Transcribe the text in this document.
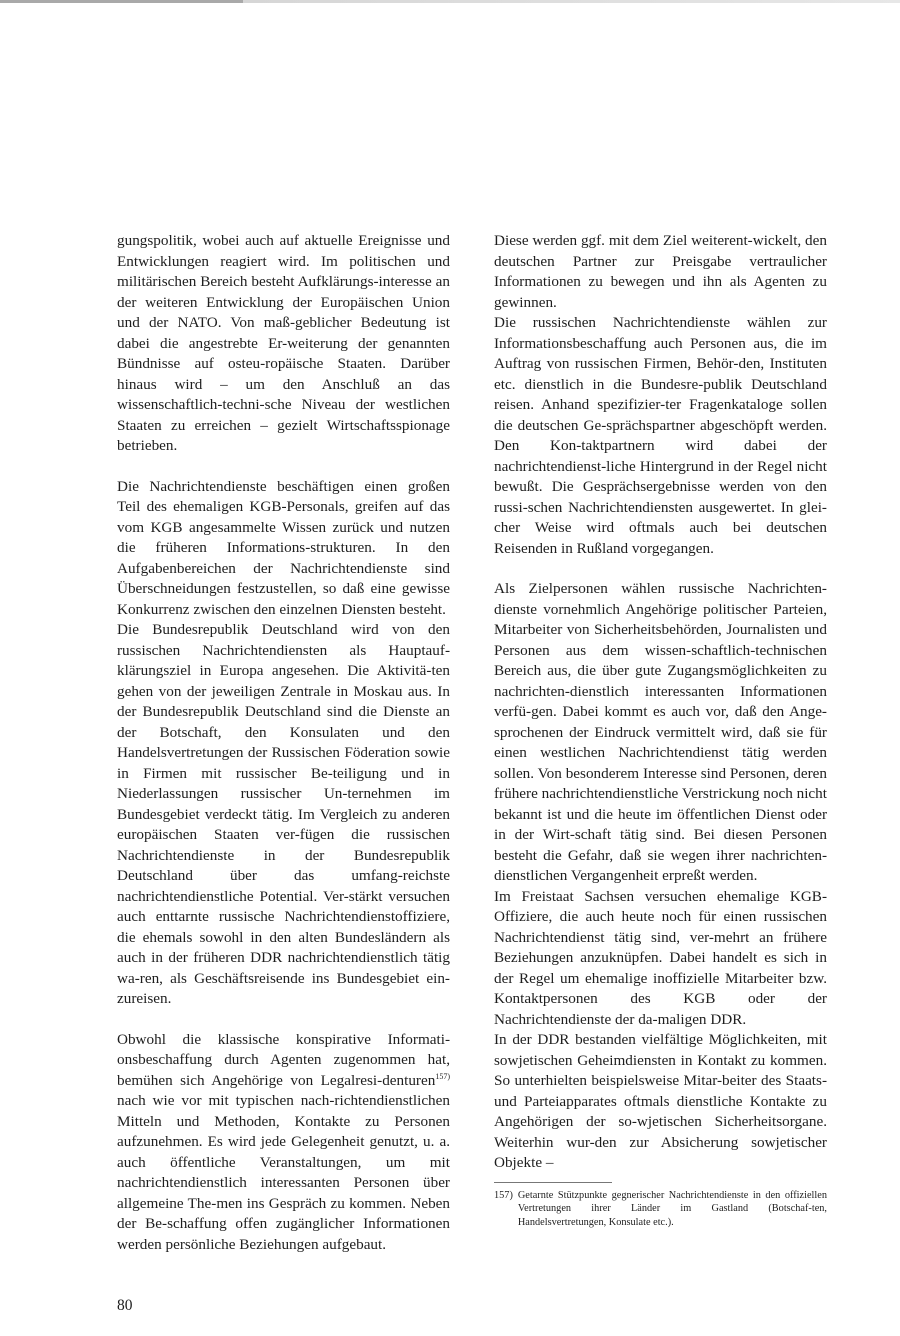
gungspolitik, wobei auch auf aktuelle Ereignisse und Entwicklungen reagiert wird. Im politischen und militärischen Bereich besteht Aufklärungs-interesse an der weiteren Entwicklung der Europäischen Union und der NATO. Von maß-geblicher Bedeutung ist dabei die angestrebte Er-weiterung der genannten Bündnisse auf osteu-ropäische Staaten. Darüber hinaus wird – um den Anschluß an das wissenschaftlich-techni-sche Niveau der westlichen Staaten zu erreichen – gezielt Wirtschaftsspionage betrieben.

Die Nachrichtendienste beschäftigen einen großen Teil des ehemaligen KGB-Personals, greifen auf das vom KGB angesammelte Wissen zurück und nutzen die früheren Informations-strukturen. In den Aufgabenbereichen der Nachrichtendienste sind Überschneidungen festzustellen, so daß eine gewisse Konkurrenz zwischen den einzelnen Diensten besteht.

Die Bundesrepublik Deutschland wird von den russischen Nachrichtendiensten als Hauptauf-klärungsziel in Europa angesehen. Die Aktivitä-ten gehen von der jeweiligen Zentrale in Moskau aus. In der Bundesrepublik Deutschland sind die Dienste an der Botschaft, den Konsulaten und den Handelsvertretungen der Russischen Föderation sowie in Firmen mit russischer Be-teiligung und in Niederlassungen russischer Un-ternehmen im Bundesgebiet verdeckt tätig. Im Vergleich zu anderen europäischen Staaten ver-fügen die russischen Nachrichtendienste in der Bundesrepublik Deutschland über das umfang-reichste nachrichtendienstliche Potential. Ver-stärkt versuchen auch enttarnte russische Nachrichtendienstoffiziere, die ehemals sowohl in den alten Bundesländern als auch in der früheren DDR nachrichtendienstlich tätig wa-ren, als Geschäftsreisende ins Bundesgebiet ein-zureisen.

Obwohl die klassische konspirative Informati-onsbeschaffung durch Agenten zugenommen hat, bemühen sich Angehörige von Legalresi-denturen$^{157)}$ nach wie vor mit typischen nach-richtendienstlichen Mitteln und Methoden, Kontakte zu Personen aufzunehmen. Es wird jede Gelegenheit genutzt, u. a. auch öffentliche Veranstaltungen, um mit nachrichtendienstlich interessanten Personen über allgemeine The-men ins Gespräch zu kommen. Neben der Be-schaffung offen zugänglicher Informationen werden persönliche Beziehungen aufgebaut.

Diese werden ggf. mit dem Ziel weiterent-wickelt, den deutschen Partner zur Preisgabe vertraulicher Informationen zu bewegen und ihn als Agenten zu gewinnen.

Die russischen Nachrichtendienste wählen zur Informationsbeschaffung auch Personen aus, die im Auftrag von russischen Firmen, Behör-den, Instituten etc. dienstlich in die Bundesre-publik Deutschland reisen. Anhand spezifizier-ter Fragenkataloge sollen die deutschen Ge-sprächspartner abgeschöpft werden. Den Kon-taktpartnern wird dabei der nachrichtendienst-liche Hintergrund in der Regel nicht bewußt. Die Gesprächsergebnisse werden von den russi-schen Nachrichtendiensten ausgewertet. In glei-cher Weise wird oftmals auch bei deutschen Reisenden in Rußland vorgegangen.

Als Zielpersonen wählen russische Nachrichten-dienste vornehmlich Angehörige politischer Parteien, Mitarbeiter von Sicherheitsbehörden, Journalisten und Personen aus dem wissen-schaftlich-technischen Bereich aus, die über gute Zugangsmöglichkeiten zu nachrichten-dienstlich interessanten Informationen verfü-gen. Dabei kommt es auch vor, daß den Ange-sprochenen der Eindruck vermittelt wird, daß sie für einen westlichen Nachrichtendienst tätig werden sollen. Von besonderem Interesse sind Personen, deren frühere nachrichtendienstliche Verstrickung noch nicht bekannt ist und die heute im öffentlichen Dienst oder in der Wirt-schaft tätig sind. Bei diesen Personen besteht die Gefahr, daß sie wegen ihrer nachrichten-dienstlichen Vergangenheit erpreßt werden.

Im Freistaat Sachsen versuchen ehemalige KGB-Offiziere, die auch heute noch für einen russischen Nachrichtendienst tätig sind, ver-mehrt an frühere Beziehungen anzuknüpfen. Dabei handelt es sich in der Regel um ehemalige inoffizielle Mitarbeiter bzw. Kontaktpersonen des KGB oder der Nachrichtendienste der da-maligen DDR.

In der DDR bestanden vielfältige Möglichkeiten, mit sowjetischen Geheimdiensten in Kontakt zu kommen. So unterhielten beispielsweise Mitar-beiter des Staats- und Parteiapparates oftmals dienstliche Kontakte zu Angehörigen der so-wjetischen Sicherheitsorgane. Weiterhin wur-den zur Absicherung sowjetischer Objekte –

157) Getarnte Stützpunkte gegnerischer Nachrichtendienste in den offiziellen Vertretungen ihrer Länder im Gastland (Botschaf-ten, Handelsvertretungen, Konsulate etc.).
80
